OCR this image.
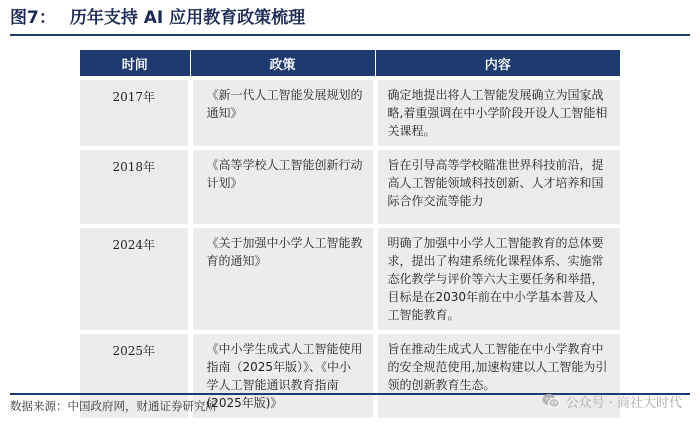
图7： 历年支持 AI 应用教育政策梳理
时间	政策	内容
2017年	《新一代人工智能发展规划的通知》	确定地提出将人工智能发展确立为国家战略,着重强调在中小学阶段开设人工智能相关课程。
2018年	《高等学校人工智能创新行动计划》	旨在引导高等学校瞄准世界科技前沿，提高人工智能领域科技创新、人才培养和国际合作交流等能力
2024年	《关于加强中小学人工智能教育的通知》	明确了加强中小学人工智能教育的总体要求，提出了构建系统化课程体系、实施常态化教学与评价等六大主要任务和举措，目标是在2030年前在中小学基本普及人工智能教育。
2025年	《中小学生成式人工智能使用指南（2025年版）》、《中小学人工智能通识教育指南(2025年版)》	旨在推动生成式人工智能在中小学教育中的安全规范使用,加速构建以人工智能为引领的创新教育生态。
数据来源：中国政府网，财通证券研究所	公众号 · 商社大时代
